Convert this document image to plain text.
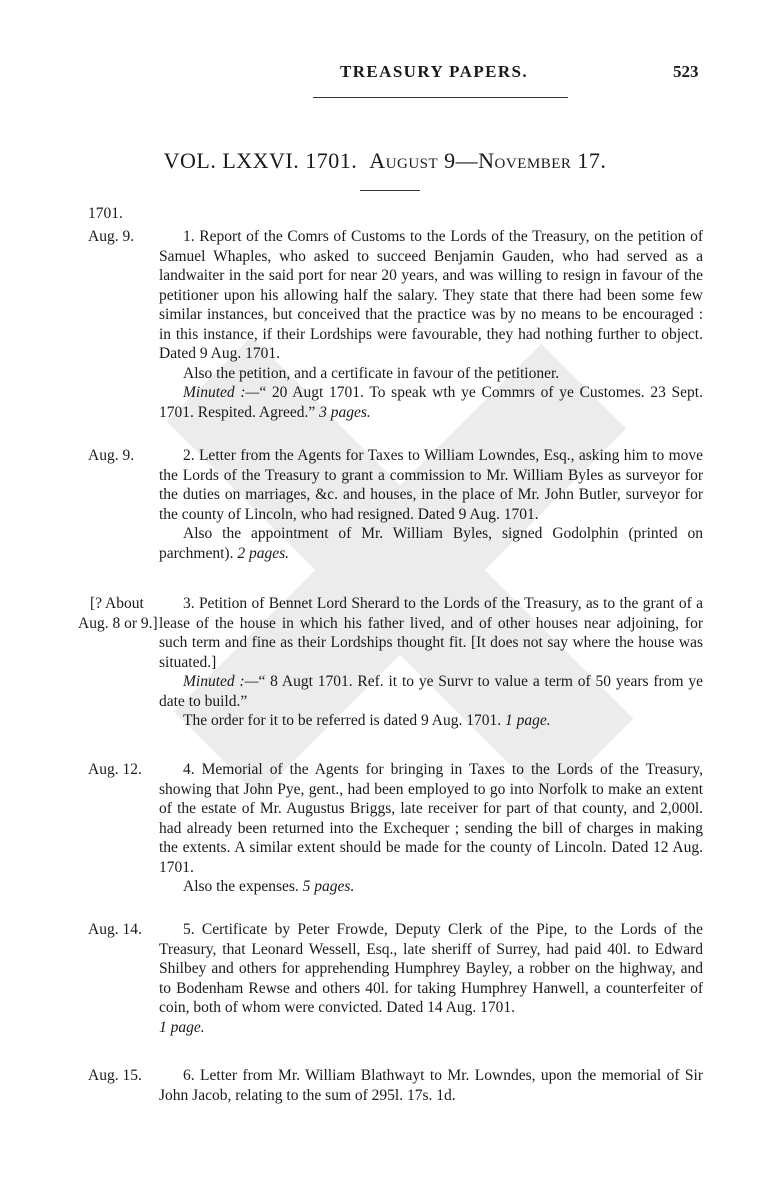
TREASURY PAPERS.	523
VOL. LXXVI. 1701. August 9—November 17.
1701.
Aug. 9.	1. Report of the Comrs of Customs to the Lords of the Treasury, on the petition of Samuel Whaples, who asked to succeed Benjamin Gauden, who had served as a landwaiter in the said port for near 20 years, and was willing to resign in favour of the petitioner upon his allowing half the salary. They state that there had been some few similar instances, but conceived that the practice was by no means to be encouraged : in this instance, if their Lordships were favourable, they had nothing further to object. Dated 9 Aug. 1701.

Also the petition, and a certificate in favour of the petitioner.

Minuted :—“ 20 Augt 1701. To speak wth ye Commrs of ye Customes. 23 Sept. 1701. Respited. Agreed.” 3 pages.

Aug. 9.	2. Letter from the Agents for Taxes to William Lowndes, Esq., asking him to move the Lords of the Treasury to grant a commission to Mr. William Byles as surveyor for the duties on marriages, &c. and houses, in the place of Mr. John Butler, surveyor for the county of Lincoln, who had resigned. Dated 9 Aug. 1701.

Also the appointment of Mr. William Byles, signed Godolphin (printed on parchment). 2 pages.

[? About
Aug. 8 or 9.]

3. Petition of Bennet Lord Sherard to the Lords of the Treasury, as to the grant of a lease of the house in which his father lived, and of other houses near adjoining, for such term and fine as their Lordships thought fit. [It does not say where the house was situated.]

Minuted :—“ 8 Augt 1701. Ref. it to ye Survr to value a term of 50 years from ye date to build.”

The order for it to be referred is dated 9 Aug. 1701. 1 page.

Aug. 12.	4. Memorial of the Agents for bringing in Taxes to the Lords of the Treasury, showing that John Pye, gent., had been employed to go into Norfolk to make an extent of the estate of Mr. Augustus Briggs, late receiver for part of that county, and 2,000l. had already been returned into the Exchequer ; sending the bill of charges in making the extents. A similar extent should be made for the county of Lincoln. Dated 12 Aug. 1701.

Also the expenses. 5 pages.

Aug. 14.	5. Certificate by Peter Frowde, Deputy Clerk of the Pipe, to the Lords of the Treasury, that Leonard Wessell, Esq., late sheriff of Surrey, had paid 40l. to Edward Shilbey and others for apprehending Humphrey Bayley, a robber on the highway, and to Bodenham Rewse and others 40l. for taking Humphrey Hanwell, a counterfeiter of coin, both of whom were convicted. Dated 14 Aug. 1701.

1 page.

Aug. 15.	6. Letter from Mr. William Blathwayt to Mr. Lowndes, upon the memorial of Sir John Jacob, relating to the sum of 295l. 17s. 1d.
